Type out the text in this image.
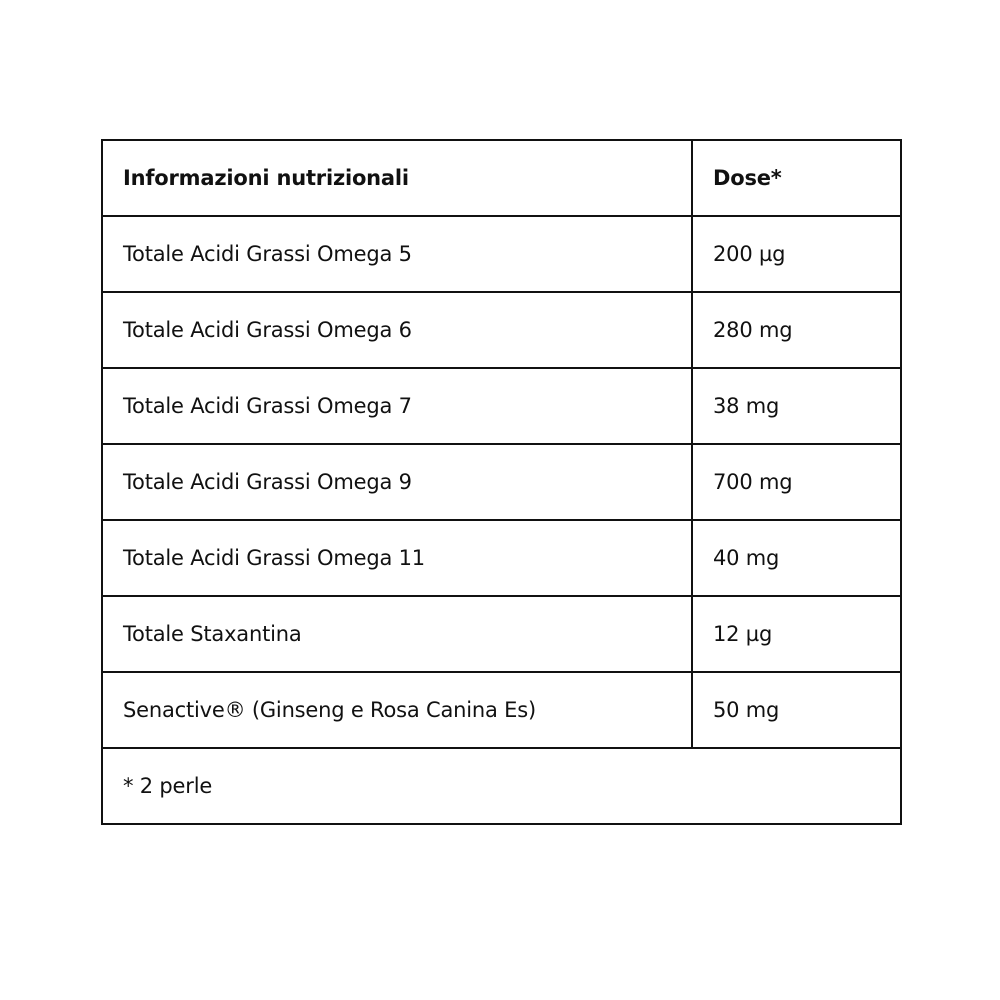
Informazioni nutrizionali	Dose*
Totale Acidi Grassi Omega 5	200 µg
Totale Acidi Grassi Omega 6	280 mg
Totale Acidi Grassi Omega 7	38 mg
Totale Acidi Grassi Omega 9	700 mg
Totale Acidi Grassi Omega 11	40 mg
Totale Staxantina	12 µg
Senactive® (Ginseng e Rosa Canina Es)	50 mg
* 2 perle	
